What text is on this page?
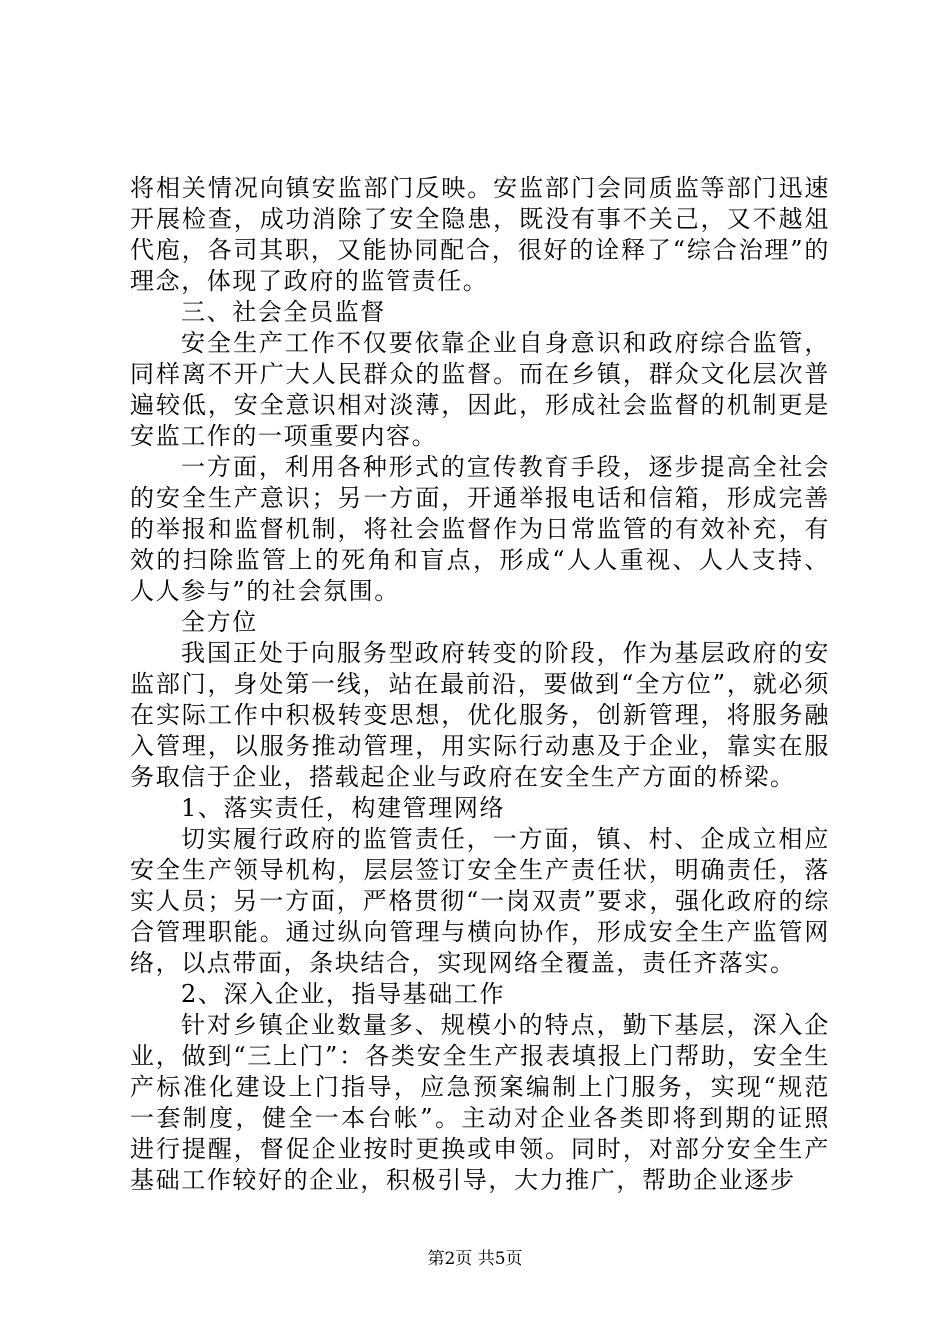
将相关情况向镇安监部门反映。安监部门会同质监等部门迅速开展检查，成功消除了安全隐患，既没有事不关己，又不越俎代庖，各司其职，又能协同配合，很好的诠释了“综合治理”的理念，体现了政府的监管责任。

三、社会全员监督

安全生产工作不仅要依靠企业自身意识和政府综合监管，同样离不开广大人民群众的监督。而在乡镇，群众文化层次普遍较低，安全意识相对淡薄，因此，形成社会监督的机制更是安监工作的一项重要内容。

一方面，利用各种形式的宣传教育手段，逐步提高全社会的安全生产意识；另一方面，开通举报电话和信箱，形成完善的举报和监督机制，将社会监督作为日常监管的有效补充，有效的扫除监管上的死角和盲点，形成“人人重视、人人支持、人人参与”的社会氛围。

全方位

我国正处于向服务型政府转变的阶段，作为基层政府的安监部门，身处第一线，站在最前沿，要做到“全方位”，就必须在实际工作中积极转变思想，优化服务，创新管理，将服务融入管理，以服务推动管理，用实际行动惠及于企业，靠实在服务取信于企业，搭载起企业与政府在安全生产方面的桥梁。

1、落实责任，构建管理网络

切实履行政府的监管责任，一方面，镇、村、企成立相应安全生产领导机构，层层签订安全生产责任状，明确责任，落实人员；另一方面，严格贯彻“一岗双责”要求，强化政府的综合管理职能。通过纵向管理与横向协作，形成安全生产监管网络，以点带面，条块结合，实现网络全覆盖，责任齐落实。

2、深入企业，指导基础工作

针对乡镇企业数量多、规模小的特点，勤下基层，深入企业，做到“三上门”：各类安全生产报表填报上门帮助，安全生产标准化建设上门指导，应急预案编制上门服务，实现“规范一套制度，健全一本台帐”。主动对企业各类即将到期的证照进行提醒，督促企业按时更换或申领。同时，对部分安全生产基础工作较好的企业，积极引导，大力推广，帮助企业逐步

第2页 共5页
